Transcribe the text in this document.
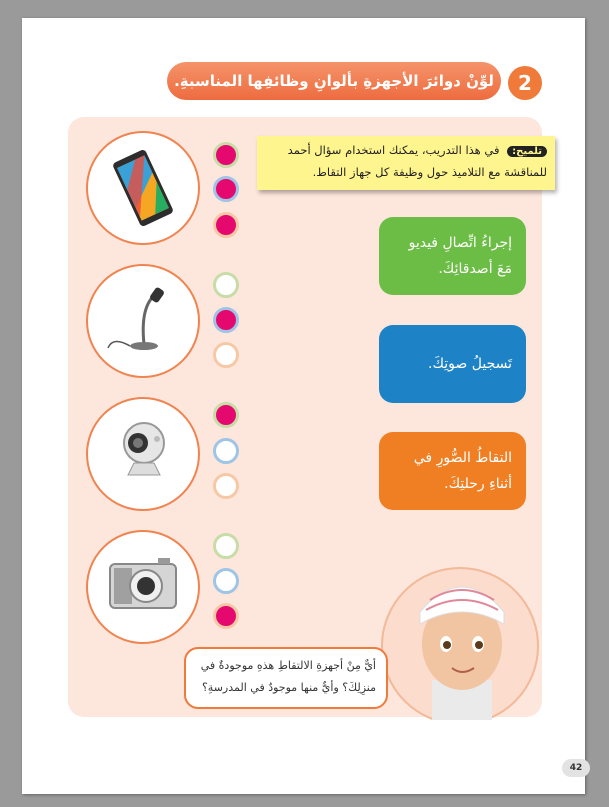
لوِّنْ دوائرَ الأجهزةِ بألوانِ وظائفِها المناسبةِ.	2
تلميح: في هذا التدريب، يمكنك استخدام سؤال أحمد للمناقشة مع التلاميذ حول وظيفة كل جهاز التقاط.
إجراءُ اتِّصالِ فيديو مَعَ أصدقائِكَ.
تَسجيلُ صوتِكَ.
التقاطُ الصُّورِ في أثناءِ رحلتِكَ.
أيٌّ مِنْ أجهزةِ الالتقاطِ هذهِ موجودةٌ في منزِلِكَ؟ وأيٌّ منها موجودٌ في المدرسةِ؟
42
